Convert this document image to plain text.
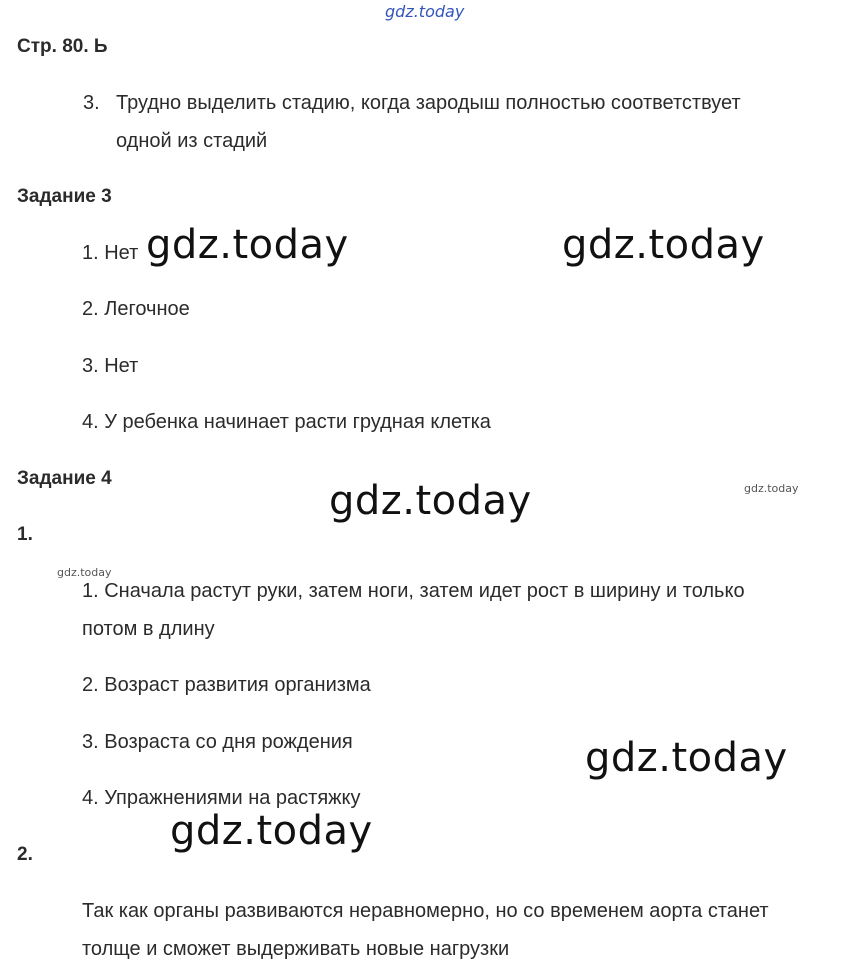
gdz.today
Стр. 80. Ь
3. Трудно выделить стадию, когда зародыш полностью соответствует
одной из стадий
Задание 3
1. Нет
2. Легочное
3. Нет
4. У ребенка начинает расти грудная клетка
gdz.today	gdz.today
gdz.today
gdz.today
gdz.today
gdz.today
gdz.today
Задание 4
1.
1. Сначала растут руки, затем ноги, затем идет рост в ширину и только
потом в длину
2. Возраст развития организма
3. Возраста со дня рождения
4. Упражнениями на растяжку
2.
Так как органы развиваются неравномерно, но со временем аорта станет
толще и сможет выдерживать новые нагрузки
